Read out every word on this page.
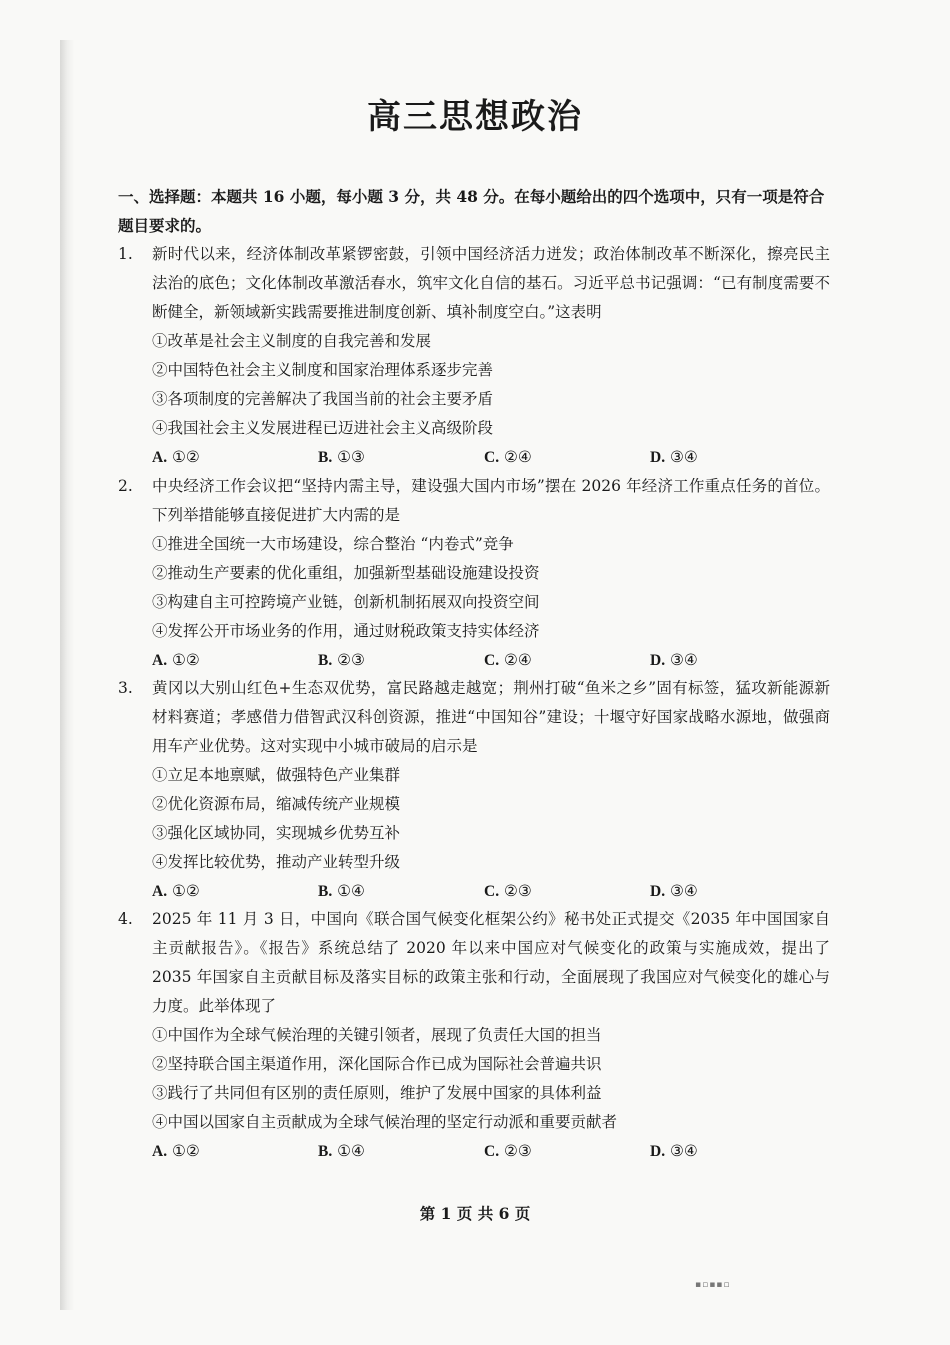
高三思想政治

一、选择题：本题共 16 小题，每小题 3 分，共 48 分。在每小题给出的四个选项中，只有一项是符合题目要求的。

1.	新时代以来，经济体制改革紧锣密鼓，引领中国经济活力迸发；政治体制改革不断深化，擦亮民主法治的底色；文化体制改革激活春水，筑牢文化自信的基石。习近平总书记强调：“已有制度需要不断健全，新领域新实践需要推进制度创新、填补制度空白。”这表明
①改革是社会主义制度的自我完善和发展
②中国特色社会主义制度和国家治理体系逐步完善
③各项制度的完善解决了我国当前的社会主要矛盾
④我国社会主义发展进程已迈进社会主义高级阶段
A. ①②	B. ①③	C. ②④	D. ③④
2.	中央经济工作会议把“坚持内需主导，建设强大国内市场”摆在 2026 年经济工作重点任务的首位。下列举措能够直接促进扩大内需的是
①推进全国统一大市场建设，综合整治 “内卷式”竞争
②推动生产要素的优化重组，加强新型基础设施建设投资
③构建自主可控跨境产业链，创新机制拓展双向投资空间
④发挥公开市场业务的作用，通过财税政策支持实体经济
A. ①②	B. ②③	C. ②④	D. ③④
3.	黄冈以大别山红色+生态双优势，富民路越走越宽；荆州打破“鱼米之乡”固有标签，猛攻新能源新材料赛道；孝感借力借智武汉科创资源，推进“中国知谷”建设；十堰守好国家战略水源地，做强商用车产业优势。这对实现中小城市破局的启示是
①立足本地禀赋，做强特色产业集群
②优化资源布局，缩减传统产业规模
③强化区域协同，实现城乡优势互补
④发挥比较优势，推动产业转型升级
A. ①②	B. ①④	C. ②③	D. ③④
4.	2025 年 11 月 3 日，中国向《联合国气候变化框架公约》秘书处正式提交《2035 年中国国家自主贡献报告》。《报告》系统总结了 2020 年以来中国应对气候变化的政策与实施成效，提出了 2035 年国家自主贡献目标及落实目标的政策主张和行动，全面展现了我国应对气候变化的雄心与力度。此举体现了
①中国作为全球气候治理的关键引领者，展现了负责任大国的担当
②坚持联合国主渠道作用，深化国际合作已成为国际社会普遍共识
③践行了共同但有区别的责任原则，维护了发展中国家的具体利益
④中国以国家自主贡献成为全球气候治理的坚定行动派和重要贡献者
A. ①②	B. ①④	C. ②③	D. ③④
第 1 页 共 6 页
▪▫▪▪▫
